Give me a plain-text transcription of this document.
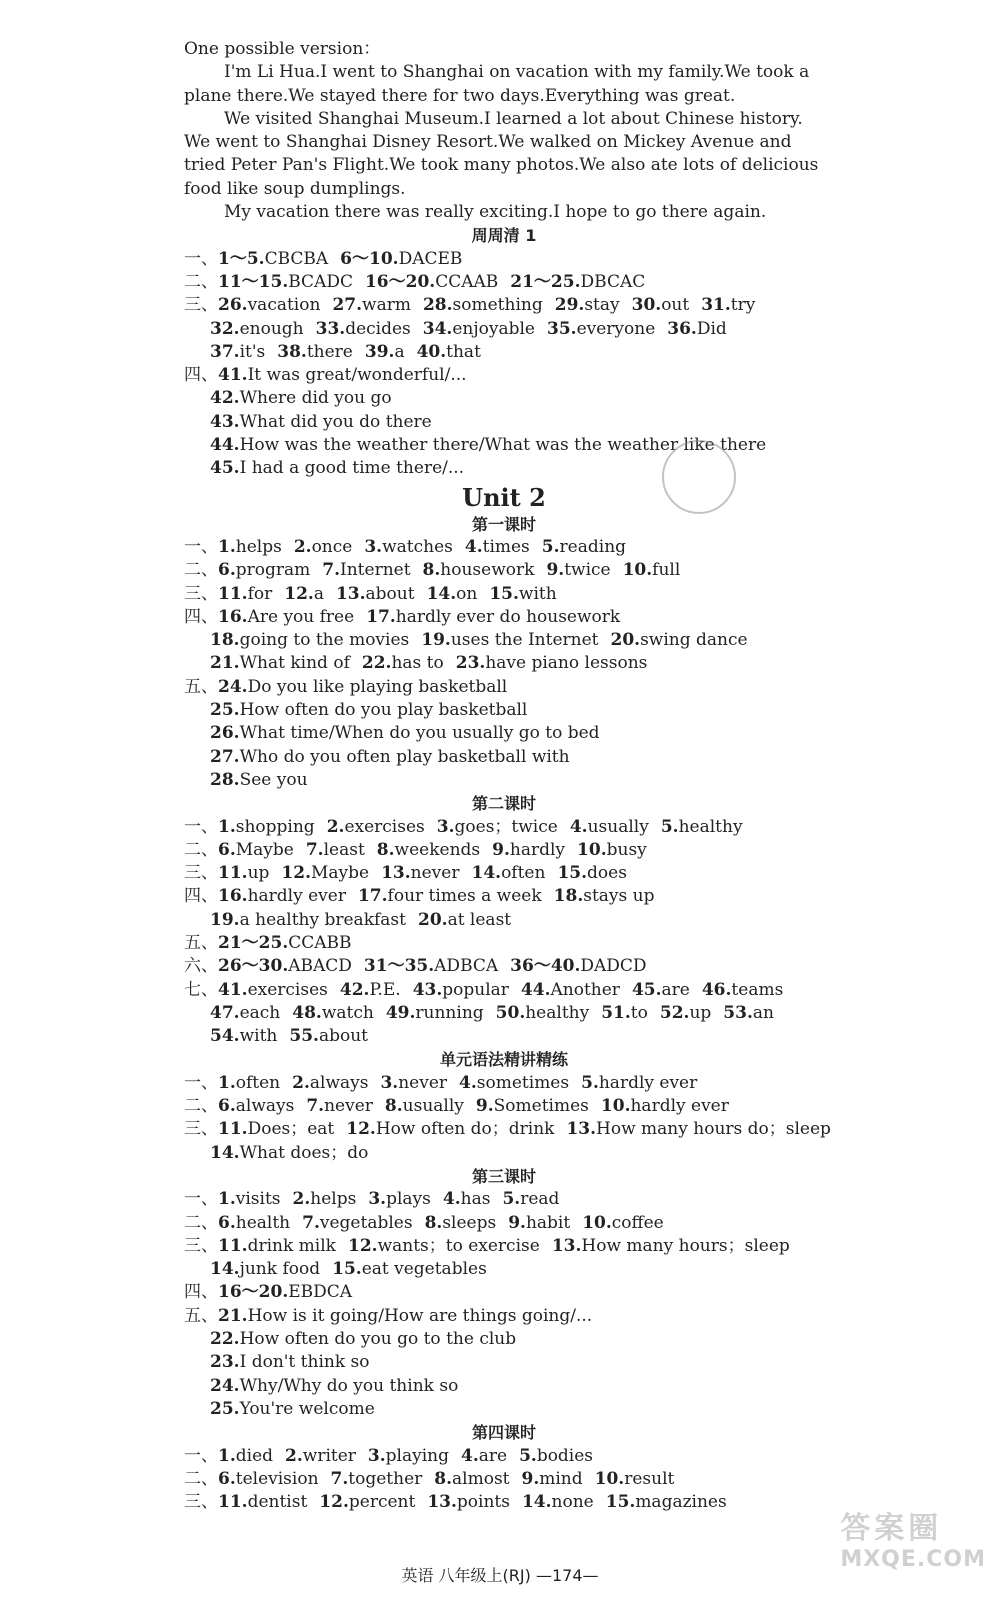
One possible version：
I'm Li Hua.I went to Shanghai on vacation with my family.We took a
plane there.We stayed there for two days.Everything was great.
We visited Shanghai Museum.I learned a lot about Chinese history.
We went to Shanghai Disney Resort.We walked on Mickey Avenue and
tried Peter Pan's Flight.We took many photos.We also ate lots of delicious
food like soup dumplings.
My vacation there was really exciting.I hope to go there again.
周周清 1
一、1～5.CBCBA 6～10.DACEB
二、11～15.BCADC 16～20.CCAAB 21～25.DBCAC
三、26.vacation 27.warm 28.something 29.stay 30.out 31.try
32.enough 33.decides 34.enjoyable 35.everyone 36.Did
37.it's 38.there 39.a 40.that
四、41.It was great/wonderful/...
42.Where did you go
43.What did you do there
44.How was the weather there/What was the weather like there
45.I had a good time there/...
Unit 2
第一课时
一、1.helps 2.once 3.watches 4.times 5.reading
二、6.program 7.Internet 8.housework 9.twice 10.full
三、11.for 12.a 13.about 14.on 15.with
四、16.Are you free 17.hardly ever do housework
18.going to the movies 19.uses the Internet 20.swing dance
21.What kind of 22.has to 23.have piano lessons
五、24.Do you like playing basketball
25.How often do you play basketball
26.What time/When do you usually go to bed
27.Who do you often play basketball with
28.See you
第二课时
一、1.shopping 2.exercises 3.goes；twice 4.usually 5.healthy
二、6.Maybe 7.least 8.weekends 9.hardly 10.busy
三、11.up 12.Maybe 13.never 14.often 15.does
四、16.hardly ever 17.four times a week 18.stays up
19.a healthy breakfast 20.at least
五、21～25.CCABB
六、26～30.ABACD 31～35.ADBCA 36～40.DADCD
七、41.exercises 42.P.E. 43.popular 44.Another 45.are 46.teams
47.each 48.watch 49.running 50.healthy 51.to 52.up 53.an
54.with 55.about
单元语法精讲精练
一、1.often 2.always 3.never 4.sometimes 5.hardly ever
二、6.always 7.never 8.usually 9.Sometimes 10.hardly ever
三、11.Does；eat 12.How often do；drink 13.How many hours do；sleep
14.What does；do
第三课时
一、1.visits 2.helps 3.plays 4.has 5.read
二、6.health 7.vegetables 8.sleeps 9.habit 10.coffee
三、11.drink milk 12.wants；to exercise 13.How many hours；sleep
14.junk food 15.eat vegetables
四、16～20.EBDCA
五、21.How is it going/How are things going/...
22.How often do you go to the club
23.I don't think so
24.Why/Why do you think so
25.You're welcome
第四课时
一、1.died 2.writer 3.playing 4.are 5.bodies
二、6.television 7.together 8.almost 9.mind 10.result
三、11.dentist 12.percent 13.points 14.none 15.magazines
英语 八年级上(RJ) —174—
答案圈
MXQE.COM
